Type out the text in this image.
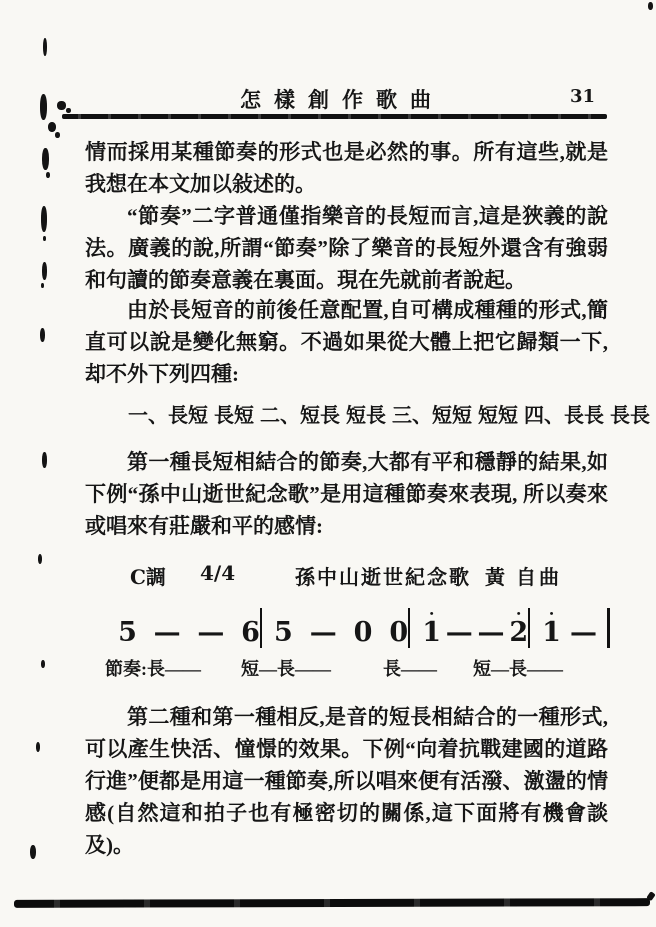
怎樣創作歌曲	31
情而採用某種節奏的形式也是必然的事。所有這些,就是我想在本文加以敍述的。
“節奏”二字普通僅指樂音的長短而言,這是狹義的說法。廣義的說,所謂“節奏”除了樂音的長短外還含有強弱和句讀的節奏意義在裏面。現在先就前者說起。
由於長短音的前後任意配置,自可構成種種的形式,簡直可以說是變化無窮。不過如果從大體上把它歸類一下,却不外下列四種:
一、長短 長短 二、短長 短長 三、短短 短短 四、長長 長長
第一種長短相結合的節奏,大都有平和穩靜的結果,如下例“孫中山逝世紀念歌”是用這種節奏來表現, 所以奏來或唱來有莊嚴和平的感情:
C調 4/4	孫中山逝世紀念歌 黃 自曲
5 — — 6 5 — 0 0
•
1 — —
•
2
•
1 —
節奏: 長—— 短—長——	長—— 短—長——
第二種和第一種相反,是音的短長相結合的一種形式,可以產生快活、憧憬的效果。下例“向着抗戰建國的道路行進”便都是用這一種節奏,所以唱來便有活潑、激盪的情感(自然這和拍子也有極密切的關係,這下面將有機會談及)。
